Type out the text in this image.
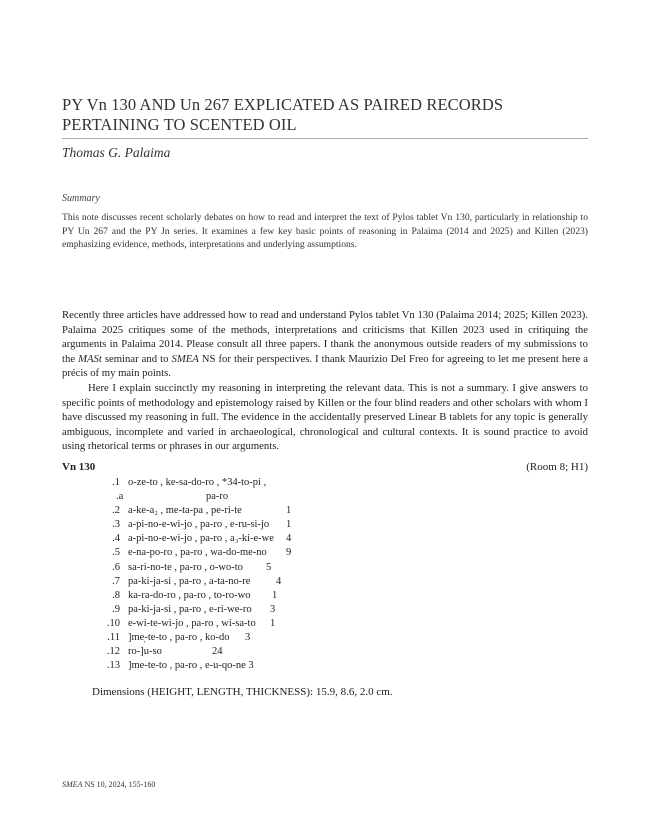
PY Vn 130 AND Un 267 EXPLICATED AS PAIRED RECORDS PERTAINING TO SCENTED OIL
Thomas G. Palaima
Summary
This note discusses recent scholarly debates on how to read and interpret the text of Pylos tablet Vn 130, particularly in relationship to PY Un 267 and the PY Jn series. It examines a few key basic points of reasoning in Palaima (2014 and 2025) and Killen (2023) emphasizing evidence, methods, interpretations and underlying assumptions.

Recently three articles have addressed how to read and understand Pylos tablet Vn 130 (Palaima 2014; 2025; Killen 2023). Palaima 2025 critiques some of the methods, interpretations and criticisms that Killen 2023 used in critiquing the arguments in Palaima 2014. Please consult all three papers. I thank the anonymous outside readers of my submissions to the MASt seminar and to SMEA NS for their perspectives. I thank Maurizio Del Freo for agreeing to let me present here a précis of my main points.

Here I explain succinctly my reasoning in interpreting the relevant data. This is not a summary. I give answers to specific points of methodology and epistemology raised by Killen or the four blind readers and other scholars with whom I have discussed my reasoning in full. The evidence in the accidentally preserved Linear B tablets for any topic is generally ambiguous, incomplete and varied in archaeological, chronological and cultural contexts. It is sound practice to avoid using rhetorical terms or phrases in our arguments.

Vn 130	(Room 8; H1)
.1 o-ze-to , ke-sa-do-ro , *34-to-pi ,
.a	pa-ro
.2 a-ke-a₂ , me-ta-pa , pe-ri-te	1
.3 a-pi-no-e-wi-jo , pa-ro , e-ru-si-jo 1
.4 a-pi-no-e-wi-jo , pa-ro , a₃-ki-e-we 4
.5 e-na-po-ro , pa-ro , wa-do-me-no 9
.6 sa-ri-no-te , pa-ro , o-wo-to 5
.7 pa-ki-ja-si , pa-ro , a-ta-no-re 4
.8 ka-ra-do-ro , pa-ro , to-ro-wo 1
.9 pa-ki-ja-si , pa-ro , e-ri-we-ro 3
.10 e-wi-te-wi-jo , pa-ro , wi-sa-to 1
.11 ]me̩-te-to , pa-ro , ko-do 3
.12 ro-]u-so	24
.13 ]me-te-to , pa-ro , e-u-qo-ne 3
Dimensions (HEIGHT, LENGTH, THICKNESS): 15.9, 8.6, 2.0 cm.
SMEA NS 10, 2024, 155-160
